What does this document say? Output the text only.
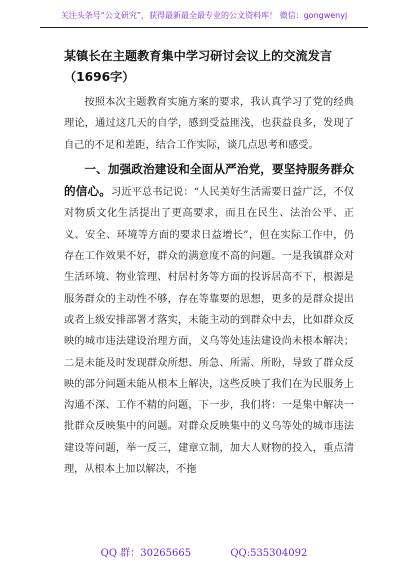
关注头条号“公文研究”，获得最新最全最专业的公文资料库！ 微信：gongwenyj

某镇长在主题教育集中学习研讨会议上的交流发言（1696字）

按照本次主题教育实施方案的要求，我认真学习了党的经典理论，通过这几天的自学，感到受益匪浅，也获益良多，发现了自己的不足和差距，结合工作实际，谈几点思考和感受。

一、加强政治建设和全面从严治党，要坚持服务群众的信心。习近平总书记说：“人民美好生活需要日益广泛，不仅对物质文化生活提出了更高要求，而且在民生、法治公平、正义、安全、环境等方面的要求日益增长”，但在实际工作中，仍存在工作效果不好，群众的满意度不高的问题。一是我镇群众对生活环境、物业管理、村居村务等方面的投诉居高不下，根源是服务群众的主动性不够，存在等靠要的思想，更多的是群众提出或者上级安排部署才落实，未能主动的到群众中去，比如群众反映的城市违法建设治理方面，义乌等处违法建设尚未根本解决；二是未能及时发现群众所想、所急、所需、所盼，导致了群众反映的部分问题未能从根本上解决，这些反映了我们在为民服务上沟通不深、工作不精的问题，下一步，我们将：一是集中解决一批群众反映集中的问题。对群众反映集中的义乌等处的城市违法建设等问题，举一反三，建章立制，加大人财物的投入，重点清理，从根本上加以解决，不拖

QQ 群：30265665	QQ:535304092
